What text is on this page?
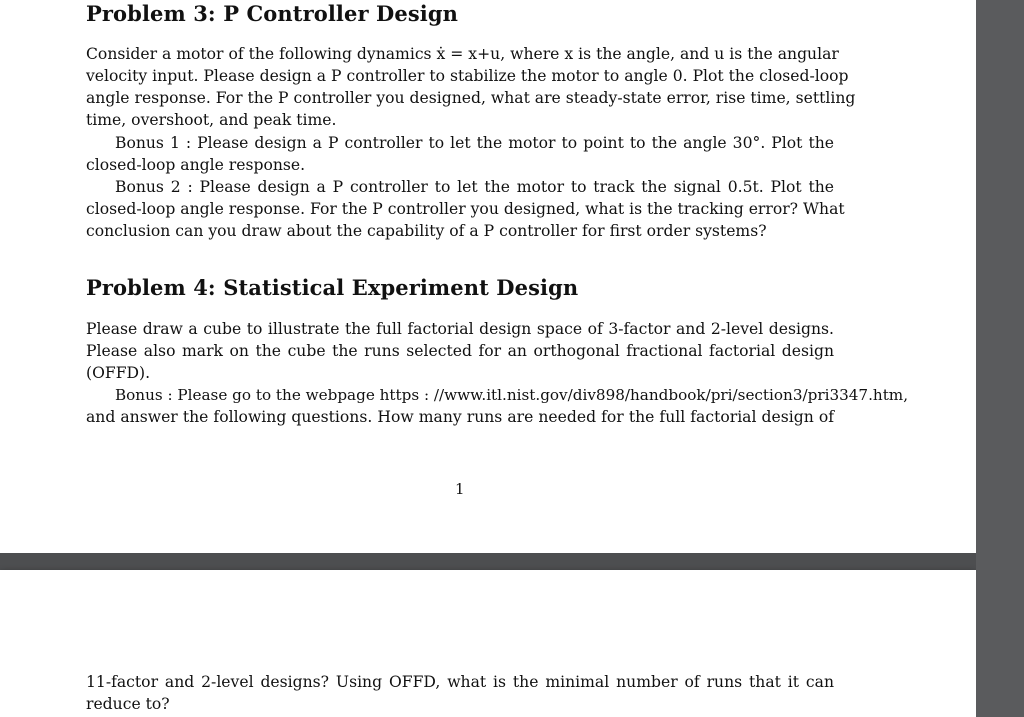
Problem 3: P Controller Design

Consider a motor of the following dynamics ẋ = x+u, where x is the angle, and u is the angular

velocity input. Please design a P controller to stabilize the motor to angle 0. Plot the closed-loop

angle response. For the P controller you designed, what are steady-state error, rise time, settling

time, overshoot, and peak time.

Bonus 1 : Please design a P controller to let the motor to point to the angle 30°. Plot the

closed-loop angle response.

Bonus 2 : Please design a P controller to let the motor to track the signal 0.5t. Plot the

closed-loop angle response. For the P controller you designed, what is the tracking error? What

conclusion can you draw about the capability of a P controller for first order systems?

Problem 4: Statistical Experiment Design

Please draw a cube to illustrate the full factorial design space of 3-factor and 2-level designs.

Please also mark on the cube the runs selected for an orthogonal fractional factorial design

(OFFD).

Bonus : Please go to the webpage https : //www.itl.nist.gov/div898/handbook/pri/section3/pri3347.htm,

and answer the following questions. How many runs are needed for the full factorial design of

1

11-factor and 2-level designs? Using OFFD, what is the minimal number of runs that it can

reduce to?
